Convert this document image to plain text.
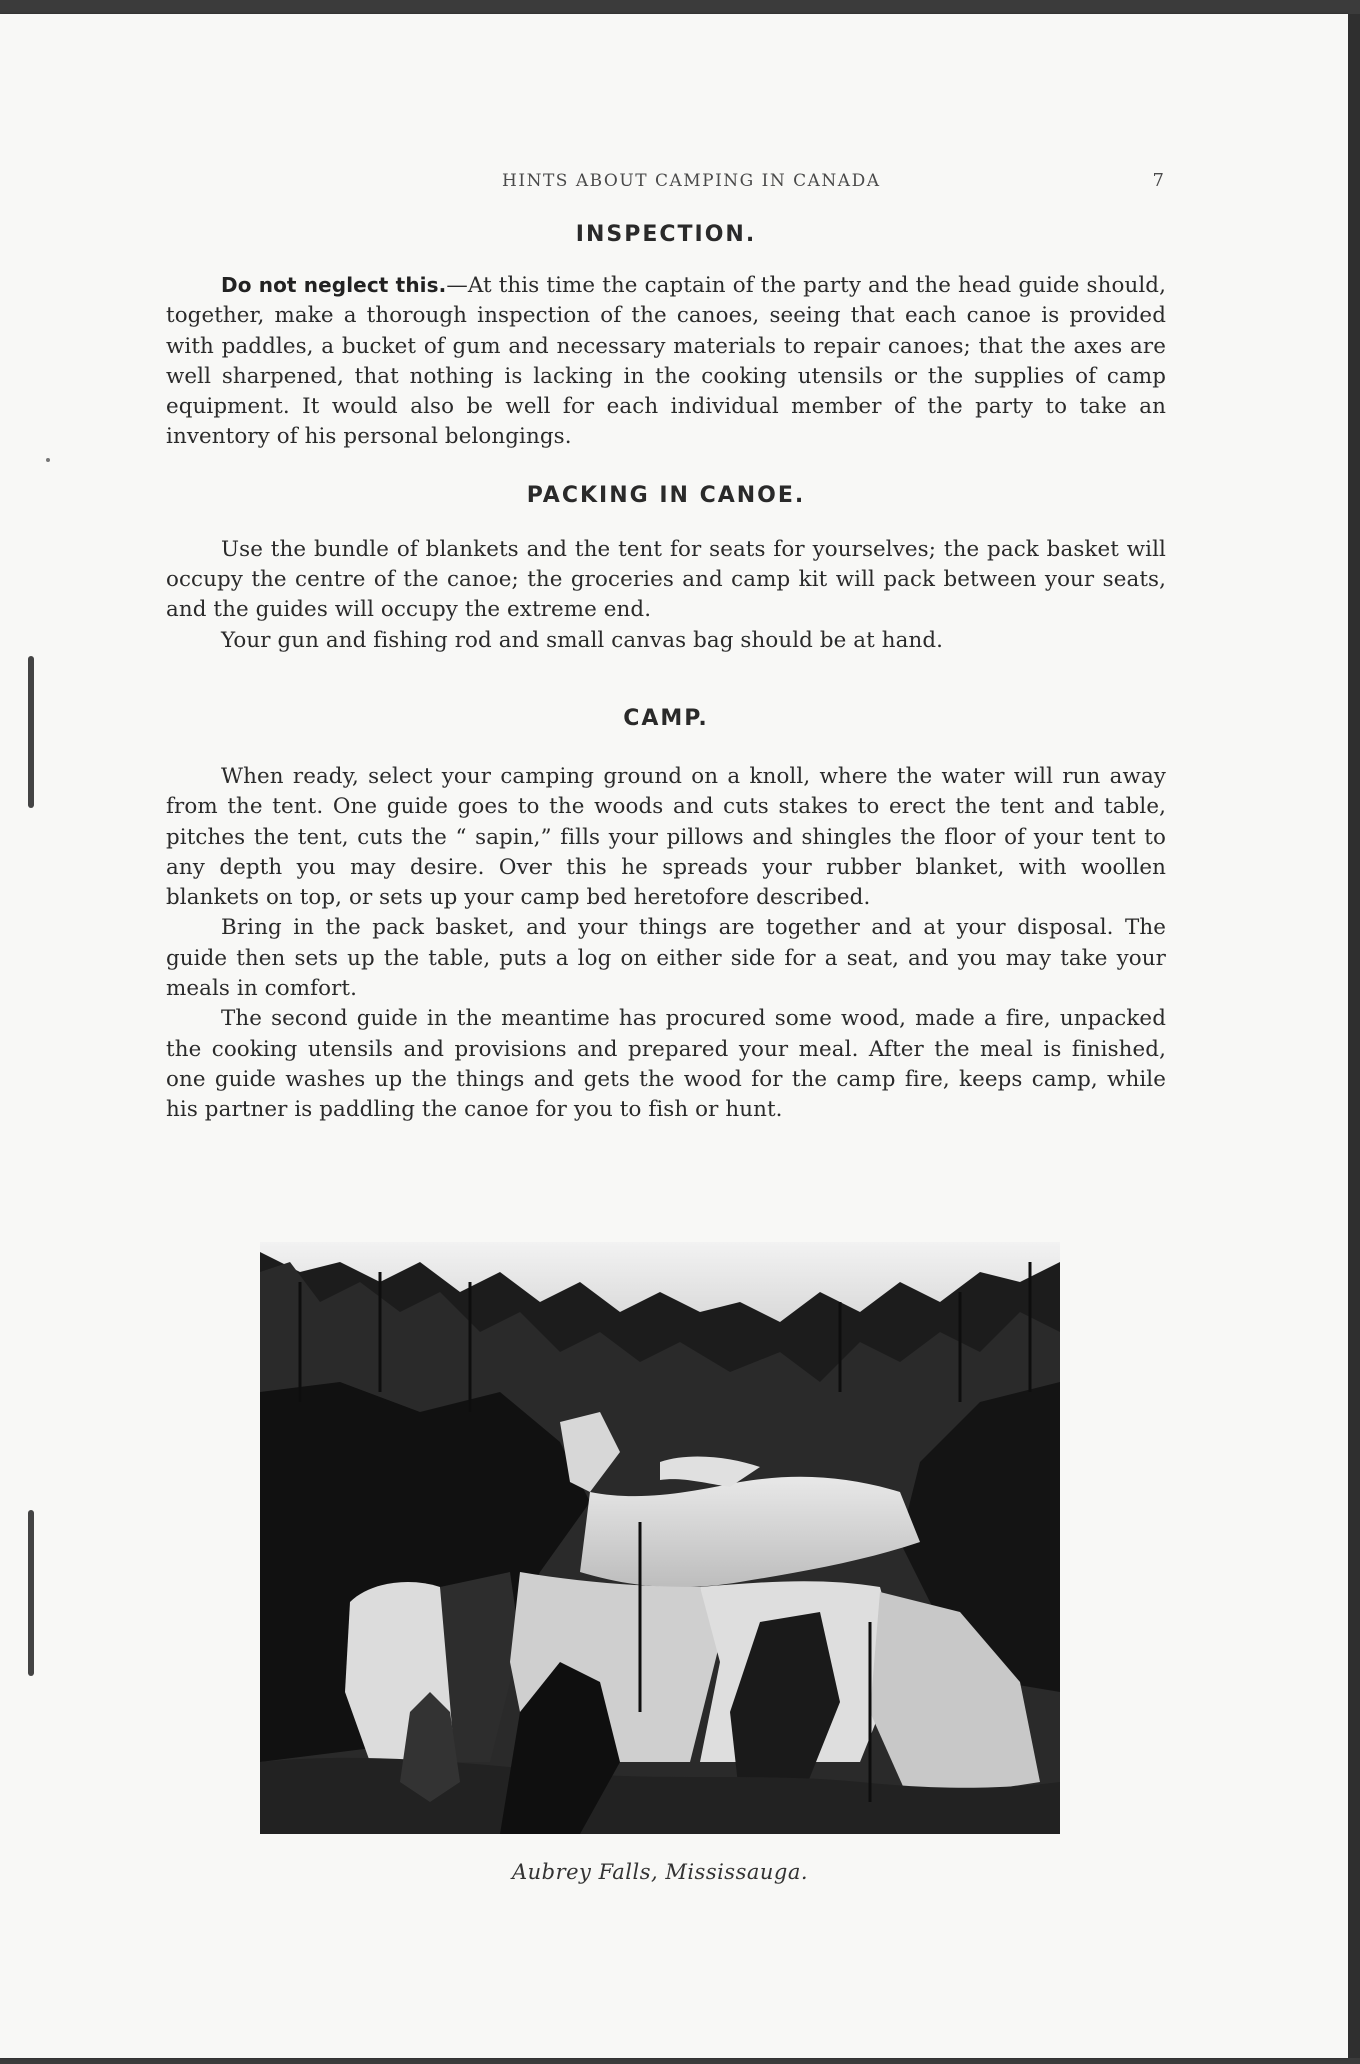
HINTS ABOUT CAMPING IN CANADA	7
INSPECTION.

Do not neglect this.—At this time the captain of the party and the head guide should, together, make a thorough inspection of the canoes, seeing that each canoe is provided with paddles, a bucket of gum and necessary materials to repair canoes; that the axes are well sharpened, that nothing is lacking in the cooking utensils or the supplies of camp equipment. It would also be well for each individual member of the party to take an inventory of his personal belongings.

PACKING IN CANOE.

Use the bundle of blankets and the tent for seats for yourselves; the pack basket will occupy the centre of the canoe; the groceries and camp kit will pack between your seats, and the guides will occupy the extreme end.

Your gun and fishing rod and small canvas bag should be at hand.

CAMP.

When ready, select your camping ground on a knoll, where the water will run away from the tent. One guide goes to the woods and cuts stakes to erect the tent and table, pitches the tent, cuts the “ sapin,” fills your pillows and shingles the floor of your tent to any depth you may desire. Over this he spreads your rubber blanket, with woollen blankets on top, or sets up your camp bed heretofore described.

Bring in the pack basket, and your things are together and at your disposal. The guide then sets up the table, puts a log on either side for a seat, and you may take your meals in comfort.

The second guide in the meantime has procured some wood, made a fire, unpacked the cooking utensils and provisions and prepared your meal. After the meal is finished, one guide washes up the things and gets the wood for the camp fire, keeps camp, while his partner is paddling the canoe for you to fish or hunt.

Aubrey Falls, Mississauga.
